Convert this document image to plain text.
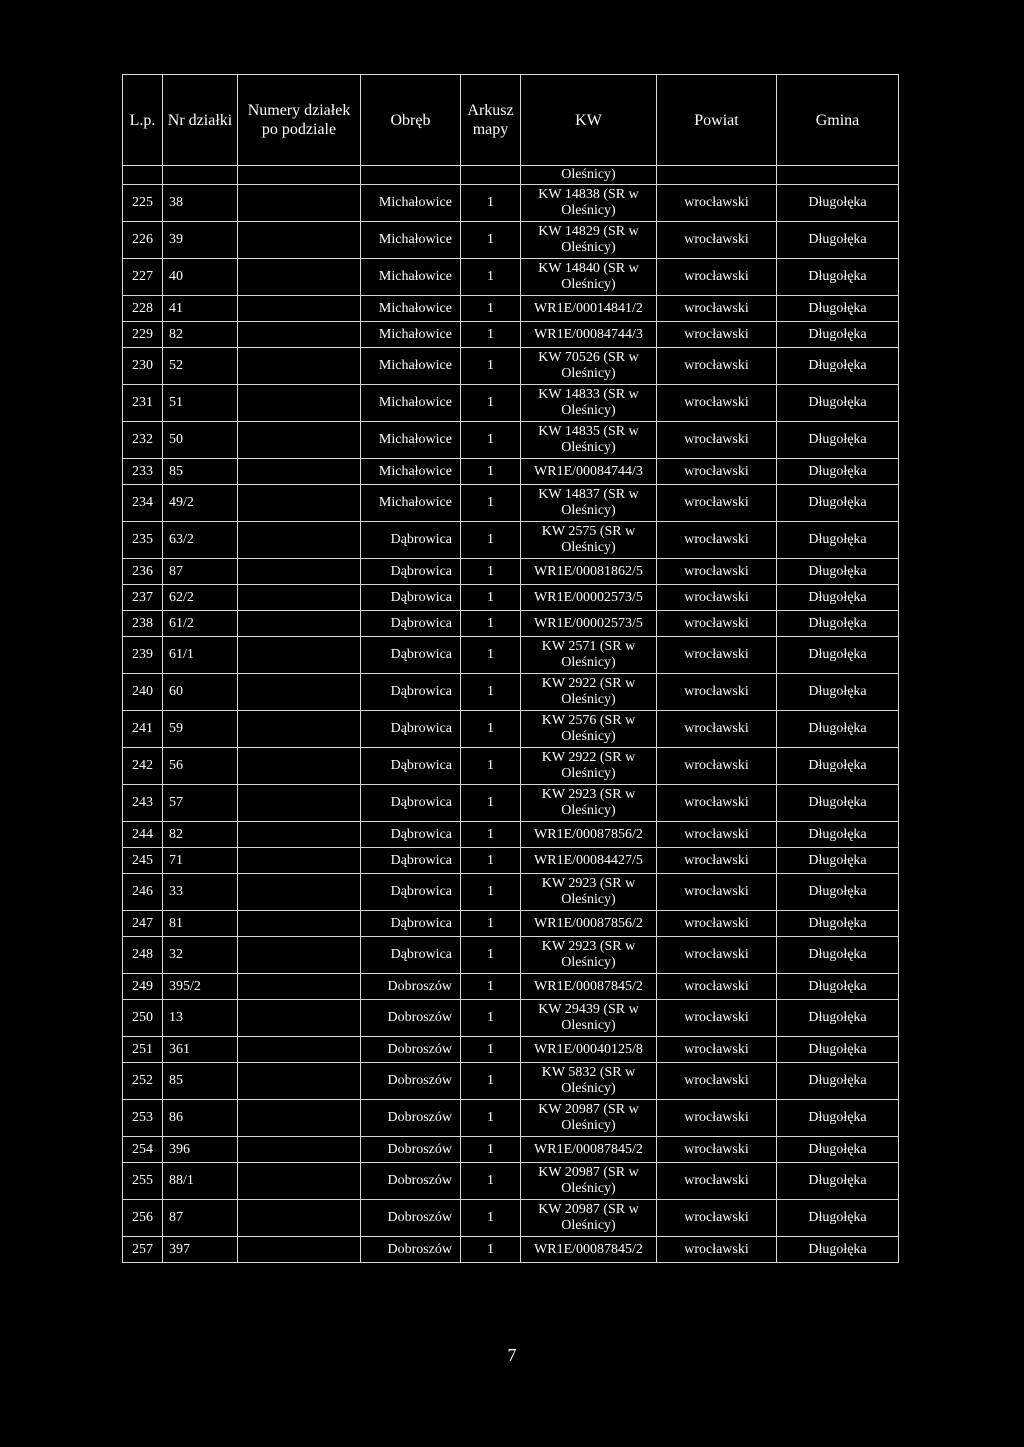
L.p.	Nr działki	Numery działek po podziale	Obręb	Arkusz mapy	KW	Powiat	Gmina
					Oleśnicy)		
225	38		Michałowice	1	KW 14838 (SR w
Oleśnicy)	wrocławski	Długołęka
226	39		Michałowice	1	KW 14829 (SR w
Oleśnicy)	wrocławski	Długołęka
227	40		Michałowice	1	KW 14840 (SR w
Oleśnicy)	wrocławski	Długołęka
228	41		Michałowice	1	WR1E/00014841/2	wrocławski	Długołęka
229	82		Michałowice	1	WR1E/00084744/3	wrocławski	Długołęka
230	52		Michałowice	1	KW 70526 (SR w
Oleśnicy)	wrocławski	Długołęka
231	51		Michałowice	1	KW 14833 (SR w
Oleśnicy)	wrocławski	Długołęka
232	50		Michałowice	1	KW 14835 (SR w
Oleśnicy)	wrocławski	Długołęka
233	85		Michałowice	1	WR1E/00084744/3	wrocławski	Długołęka
234	49/2		Michałowice	1	KW 14837 (SR w
Oleśnicy)	wrocławski	Długołęka
235	63/2		Dąbrowica	1	KW 2575 (SR w
Oleśnicy)	wrocławski	Długołęka
236	87		Dąbrowica	1	WR1E/00081862/5	wrocławski	Długołęka
237	62/2		Dąbrowica	1	WR1E/00002573/5	wrocławski	Długołęka
238	61/2		Dąbrowica	1	WR1E/00002573/5	wrocławski	Długołęka
239	61/1		Dąbrowica	1	KW 2571 (SR w
Oleśnicy)	wrocławski	Długołęka
240	60		Dąbrowica	1	KW 2922 (SR w
Oleśnicy)	wrocławski	Długołęka
241	59		Dąbrowica	1	KW 2576 (SR w
Oleśnicy)	wrocławski	Długołęka
242	56		Dąbrowica	1	KW 2922 (SR w
Oleśnicy)	wrocławski	Długołęka
243	57		Dąbrowica	1	KW 2923 (SR w
Oleśnicy)	wrocławski	Długołęka
244	82		Dąbrowica	1	WR1E/00087856/2	wrocławski	Długołęka
245	71		Dąbrowica	1	WR1E/00084427/5	wrocławski	Długołęka
246	33		Dąbrowica	1	KW 2923 (SR w
Oleśnicy)	wrocławski	Długołęka
247	81		Dąbrowica	1	WR1E/00087856/2	wrocławski	Długołęka
248	32		Dąbrowica	1	KW 2923 (SR w
Oleśnicy)	wrocławski	Długołęka
249	395/2		Dobroszów	1	WR1E/00087845/2	wrocławski	Długołęka
250	13		Dobroszów	1	KW 29439 (SR w
Olesnicy)	wrocławski	Długołęka
251	361		Dobroszów	1	WR1E/00040125/8	wrocławski	Długołęka
252	85		Dobroszów	1	KW 5832 (SR w
Oleśnicy)	wrocławski	Długołęka
253	86		Dobroszów	1	KW 20987 (SR w
Oleśnicy)	wrocławski	Długołęka
254	396		Dobroszów	1	WR1E/00087845/2	wrocławski	Długołęka
255	88/1		Dobroszów	1	KW 20987 (SR w
Oleśnicy)	wrocławski	Długołęka
256	87		Dobroszów	1	KW 20987 (SR w
Oleśnicy)	wrocławski	Długołęka
257	397		Dobroszów	1	WR1E/00087845/2	wrocławski	Długołęka
7
